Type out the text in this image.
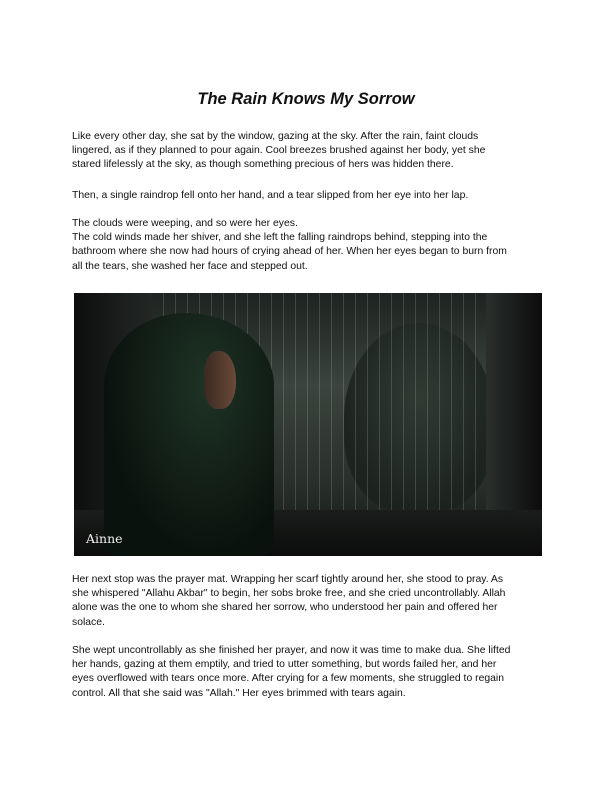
The Rain Knows My Sorrow
Like every other day, she sat by the window, gazing at the sky. After the rain, faint clouds
lingered, as if they planned to pour again. Cool breezes brushed against her body, yet she
stared lifelessly at the sky, as though something precious of hers was hidden there.
Then, a single raindrop fell onto her hand, and a tear slipped from her eye into her lap.
The clouds were weeping, and so were her eyes.
The cold winds made her shiver, and she left the falling raindrops behind, stepping into the
bathroom where she now had hours of crying ahead of her. When her eyes began to burn from
all the tears, she washed her face and stepped out.
Ainne
Her next stop was the prayer mat. Wrapping her scarf tightly around her, she stood to pray. As
she whispered "Allahu Akbar" to begin, her sobs broke free, and she cried uncontrollably. Allah
alone was the one to whom she shared her sorrow, who understood her pain and offered her
solace.
She wept uncontrollably as she finished her prayer, and now it was time to make dua. She lifted
her hands, gazing at them emptily, and tried to utter something, but words failed her, and her
eyes overflowed with tears once more. After crying for a few moments, she struggled to regain
control. All that she said was "Allah." Her eyes brimmed with tears again.
